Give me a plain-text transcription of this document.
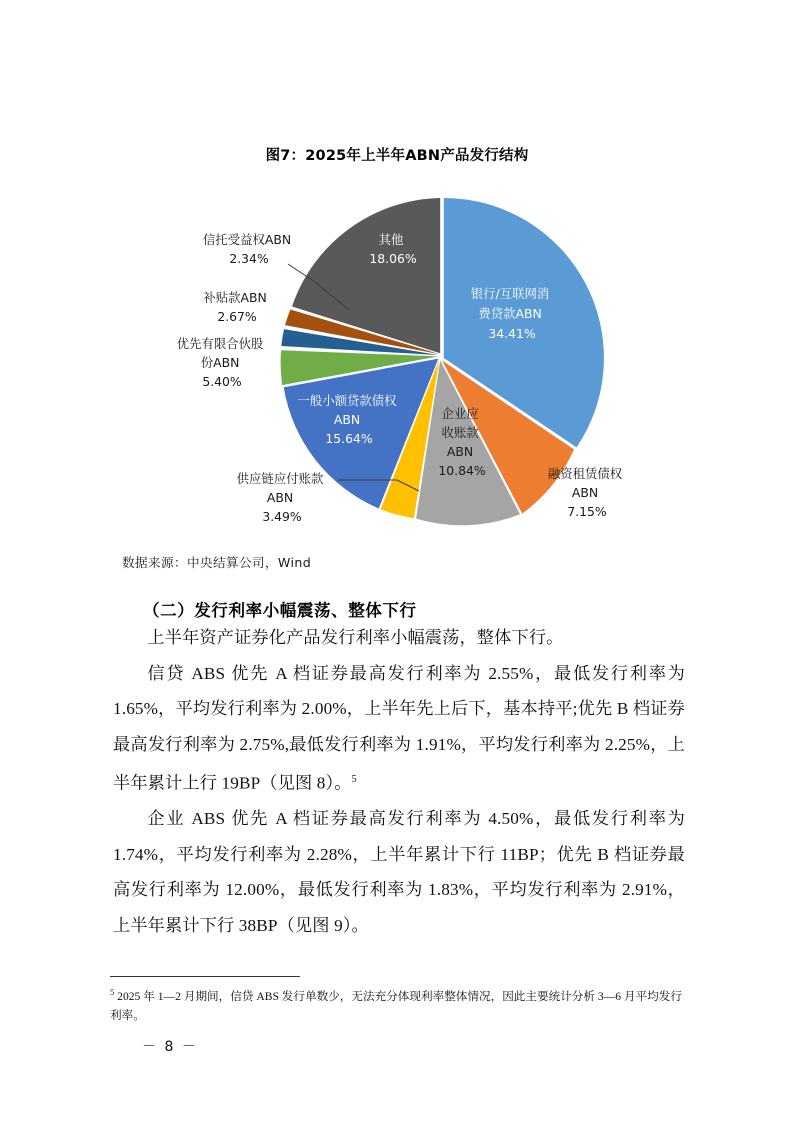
图7：2025年上半年ABN产品发行结构
银行/互联网消 费贷款ABN 34.41%
融资租赁债权 ABN 7.15%
企业应 收账款 ABN 10.84%
供应链应付账款 ABN 3.49%
一般小额贷款债权 ABN 15.64%
优先有限合伙股 份ABN 5.40%
补贴款ABN 2.67%
信托受益权ABN 2.34%
其他 18.06%
数据来源：中央结算公司，Wind
（二）发行利率小幅震荡、整体下行

上半年资产证券化产品发行利率小幅震荡，整体下行。

信贷 ABS 优先 A 档证券最高发行利率为 2.55%，最低发行利率为 1.65%，平均发行利率为 2.00%，上半年先上后下，基本持平;优先 B 档证券最高发行利率为 2.75%,最低发行利率为 1.91%，平均发行利率为 2.25%，上半年累计上行 19BP（见图 8）。$^5$

企业 ABS 优先 A 档证券最高发行利率为 4.50%，最低发行利率为 1.74%，平均发行利率为 2.28%，上半年累计下行 11BP；优先 B 档证券最高发行利率为 12.00%，最低发行利率为 1.83%，平均发行利率为 2.91%，上半年累计下行 38BP（见图 9）。

$^5$ 2025 年 1—2 月期间，信贷 ABS 发行单数少，无法充分体现利率整体情况，因此主要统计分析 3—6 月平均发行利率。
－ 8 －
